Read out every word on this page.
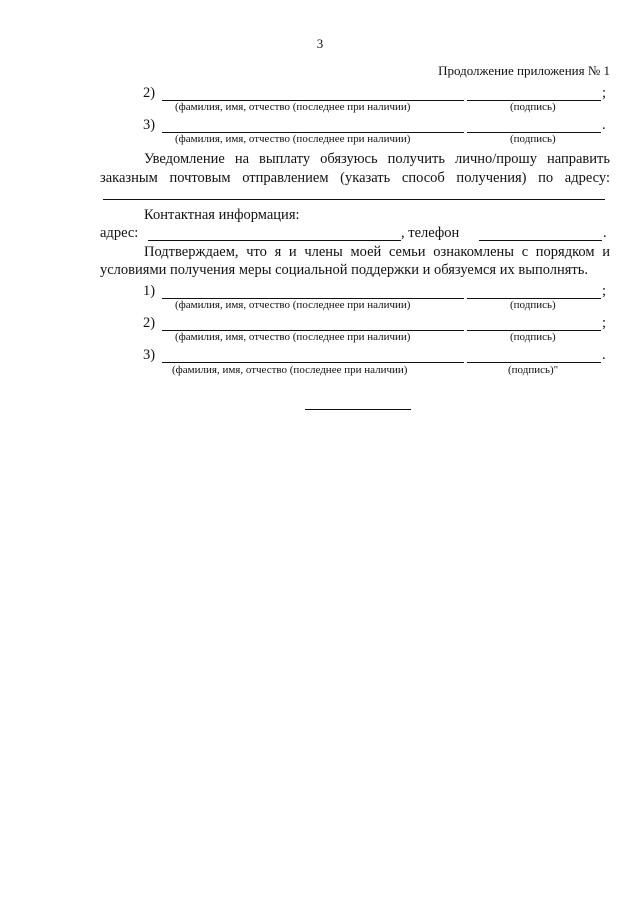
3
Продолжение приложения № 1
2)	;
(фамилия, имя, отчество (последнее при наличии)	(подпись)
3)	.
(фамилия, имя, отчество (последнее при наличии)	(подпись)
Уведомление на выплату обязуюсь получить лично/прошу направить
заказным почтовым отправлением (указать способ получения) по адресу:
Контактная информация:
адрес:	, телефон	.
Подтверждаем, что я и члены моей семьи ознакомлены с порядком и
условиями получения меры социальной поддержки и обязуемся их выполнять.
1)	;
(фамилия, имя, отчество (последнее при наличии)	(подпись)
2)	;
(фамилия, имя, отчество (последнее при наличии)	(подпись)
3)	.
(фамилия, имя, отчество (последнее при наличии)	(подпись)"
